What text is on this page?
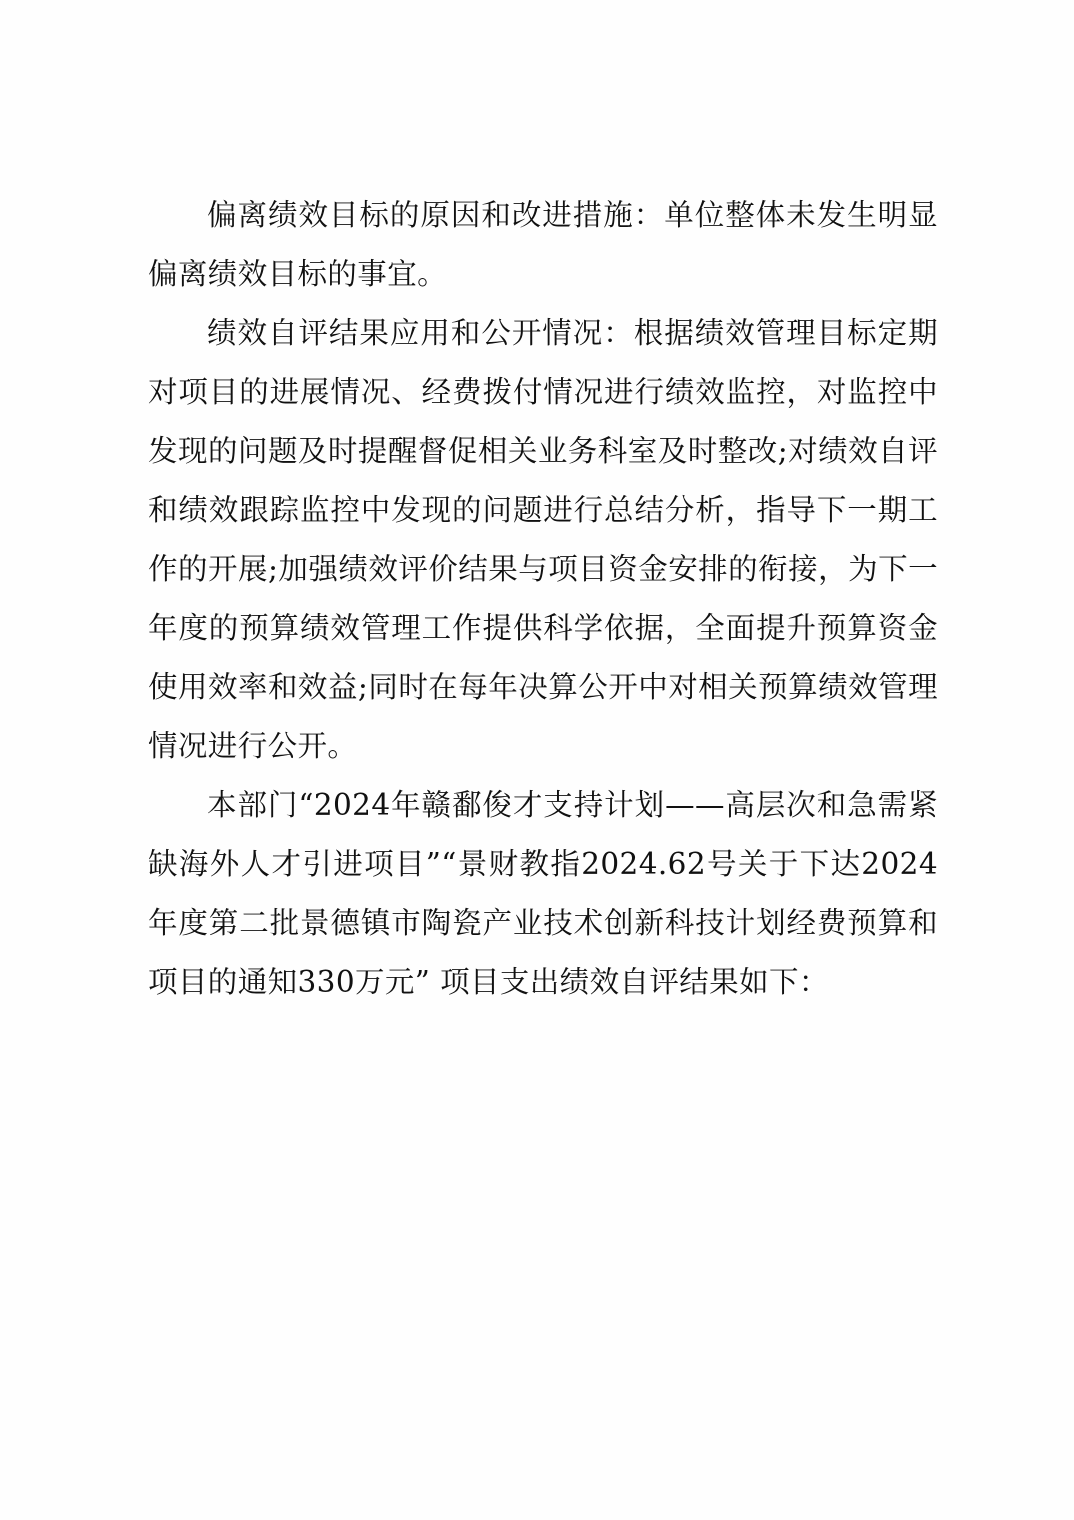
偏离绩效目标的原因和改进措施：单位整体未发生明显偏离绩效目标的事宜。

绩效自评结果应用和公开情况：根据绩效管理目标定期对项目的进展情况、经费拨付情况进行绩效监控，对监控中发现的问题及时提醒督促相关业务科室及时整改;对绩效自评和绩效跟踪监控中发现的问题进行总结分析，指导下一期工作的开展;加强绩效评价结果与项目资金安排的衔接，为下一年度的预算绩效管理工作提供科学依据，全面提升预算资金使用效率和效益;同时在每年决算公开中对相关预算绩效管理情况进行公开。

本部门“2024年赣鄱俊才支持计划——高层次和急需紧缺海外人才引进项目”“景财教指2024.62号关于下达2024年度第二批景德镇市陶瓷产业技术创新科技计划经费预算和项目的通知330万元” 项目支出绩效自评结果如下：
